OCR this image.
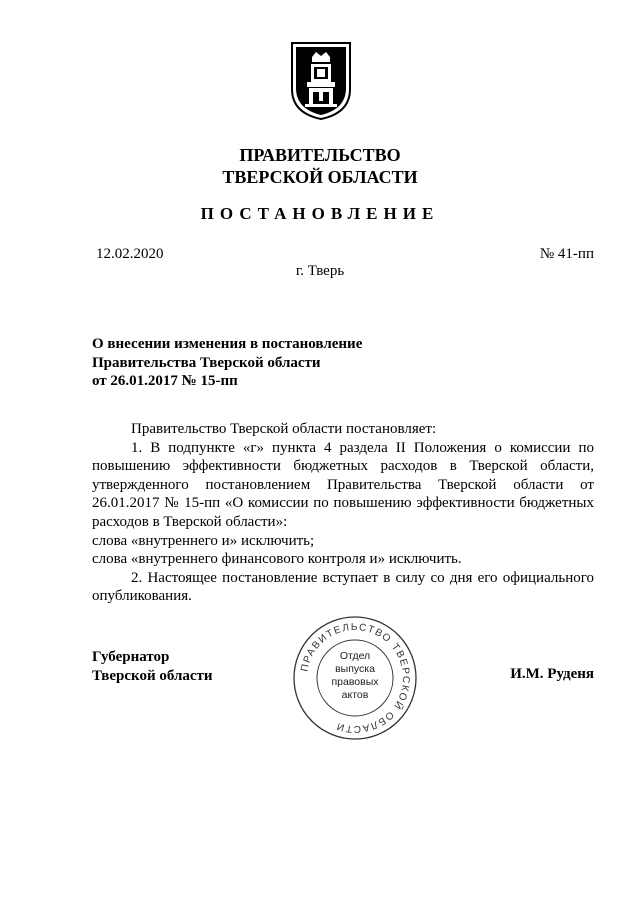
ПРАВИТЕЛЬСТВО
ТВЕРСКОЙ ОБЛАСТИ
ПОСТАНОВЛЕНИЕ
12.02.2020	№ 41-пп
г. Тверь
О внесении изменения в постановление
Правительства Тверской области
от 26.01.2017 № 15-пп

Правительство Тверской области постановляет:

1. В подпункте «г» пункта 4 раздела II Положения о комиссии по повышению эффективности бюджетных расходов в Тверской области, утвержденного постановлением Правительства Тверской области от 26.01.2017 № 15-пп «О комиссии по повышению эффективности бюджетных расходов в Тверской области»:

слова «внутреннего и» исключить;

слова «внутреннего финансового контроля и» исключить.

2. Настоящее постановление вступает в силу со дня его официального опубликования.

Губернатор
Тверской области	И.М. Руденя
ПРАВИТЕЛЬСТВО ТВЕРСКОЙ ОБЛАСТИ
Отдел
выпуска
правовых
актов
